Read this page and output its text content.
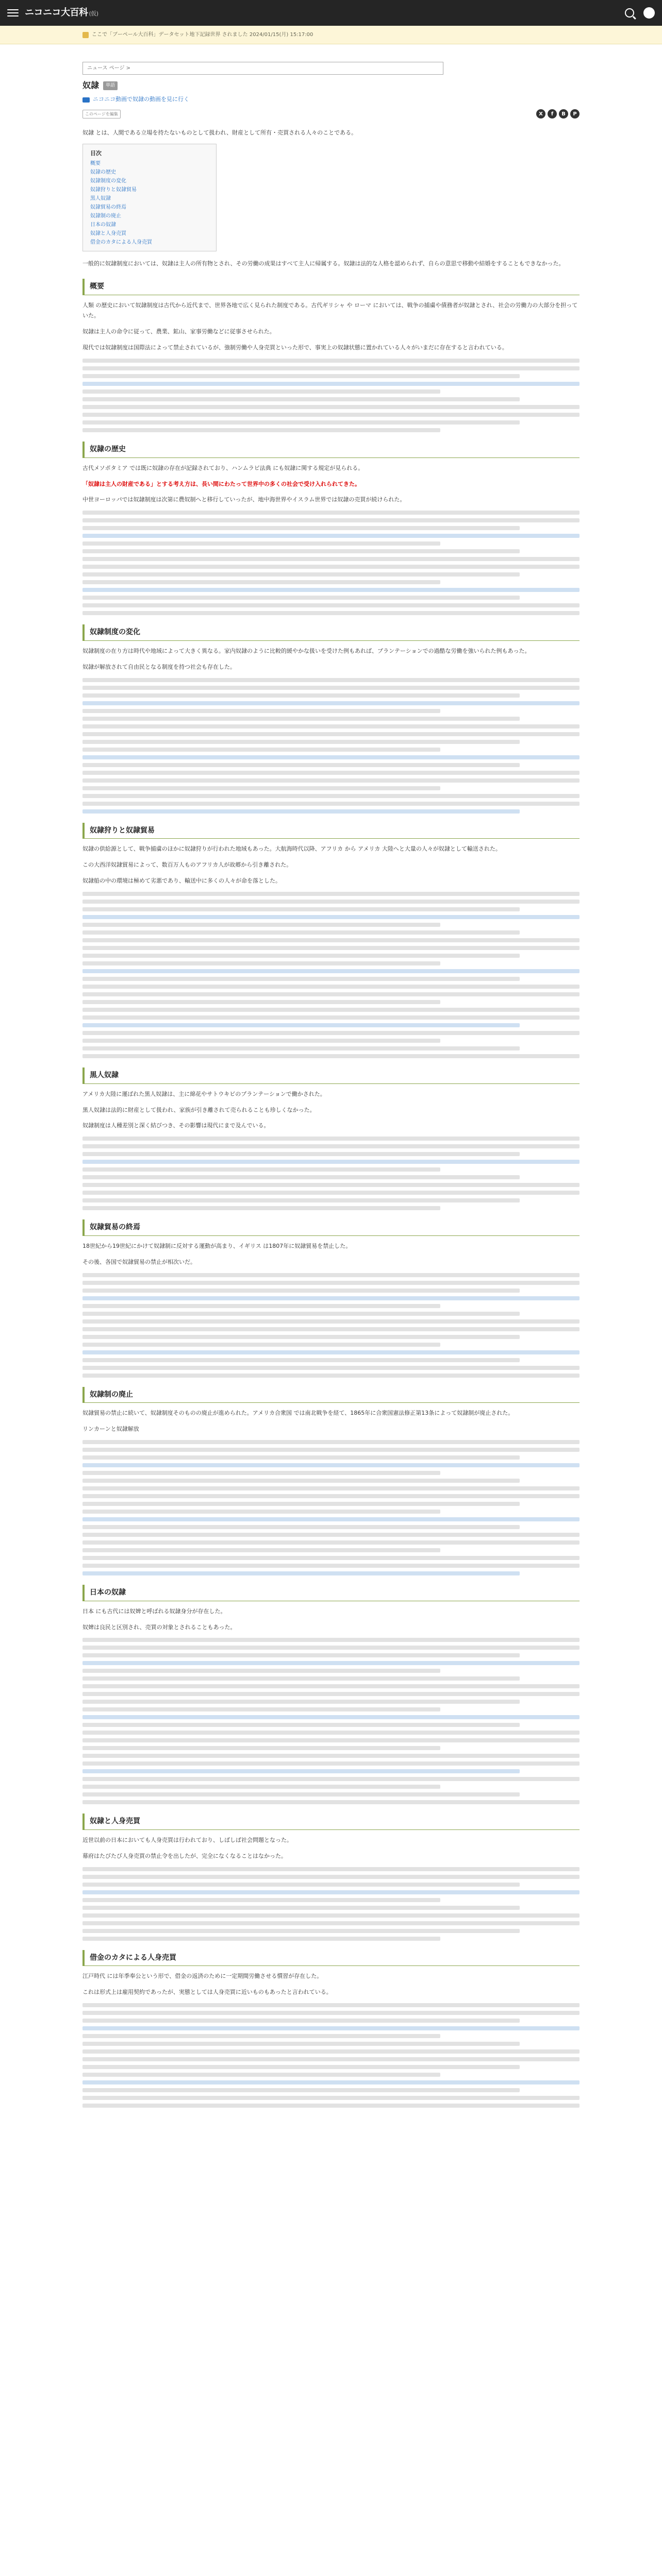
ニコニコ大百科 (仮)
ここで「ブーペール大百科」データセット地下記録世界 されました 2024/01/15(月) 15:17:00
ニュース ページ >
奴隷	単語
ニコニコ動画で奴隷の動画を見に行く
このページを編集	X	f	B	P

奴隷 とは、人間である立場を持たないものとして扱われ、財産として所有・売買される人々のことである。

目次
概要
奴隷の歴史
奴隷制度の変化
奴隷狩りと奴隷貿易
黒人奴隷
奴隷貿易の終焉
奴隷制の廃止
日本の奴隷
奴隷と人身売買
借金のカタによる人身売買

一般的に奴隷制度においては、奴隷は主人の所有物とされ、その労働の成果はすべて主人に帰属する。奴隷は法的な人格を認められず、自らの意思で移動や結婚をすることもできなかった。

概要

人類 の歴史において奴隷制度は古代から近代まで、世界各地で広く見られた制度である。古代ギリシャ や ローマ においては、戦争の捕虜や債務者が奴隷とされ、社会の労働力の大部分を担っていた。

奴隷は主人の命令に従って、農業、鉱山、家事労働などに従事させられた。

現代では奴隷制度は国際法によって禁止されているが、強制労働や人身売買といった形で、事実上の奴隷状態に置かれている人々がいまだに存在すると言われている。

奴隷の歴史

古代メソポタミア では既に奴隷の存在が記録されており、ハンムラビ法典 にも奴隷に関する規定が見られる。

「奴隷は主人の財産である」とする考え方は、長い間にわたって世界中の多くの社会で受け入れられてきた。

中世ヨーロッパでは奴隷制度は次第に農奴制へと移行していったが、地中海世界やイスラム世界では奴隷の売買が続けられた。

奴隷制度の変化

奴隷制度の在り方は時代や地域によって大きく異なる。家内奴隷のように比較的緩やかな扱いを受けた例もあれば、プランテーションでの過酷な労働を強いられた例もあった。

奴隷が解放されて自由民となる制度を持つ社会も存在した。

奴隷狩りと奴隷貿易

奴隷の供給源として、戦争捕虜のほかに奴隷狩りが行われた地域もあった。大航海時代以降、アフリカ から アメリカ 大陸へと大量の人々が奴隷として輸送された。

この大西洋奴隷貿易によって、数百万人ものアフリカ人が故郷から引き離された。

奴隷船の中の環境は極めて劣悪であり、輸送中に多くの人々が命を落とした。

黒人奴隷

アメリカ大陸に運ばれた黒人奴隷は、主に綿花やサトウキビのプランテーションで働かされた。

黒人奴隷は法的に財産として扱われ、家族が引き離されて売られることも珍しくなかった。

奴隷制度は人種差別と深く結びつき、その影響は現代にまで及んでいる。

奴隷貿易の終焉

18世紀から19世紀にかけて奴隷制に反対する運動が高まり、イギリス は1807年に奴隷貿易を禁止した。

その後、各国で奴隷貿易の禁止が相次いだ。

奴隷制の廃止

奴隷貿易の禁止に続いて、奴隷制度そのものの廃止が進められた。アメリカ合衆国 では南北戦争を経て、1865年に合衆国憲法修正第13条によって奴隷制が廃止された。

リンカーンと奴隷解放

日本の奴隷

日本 にも古代には奴婢と呼ばれる奴隷身分が存在した。

奴婢は良民と区別され、売買の対象とされることもあった。

奴隷と人身売買

近世以前の日本においても人身売買は行われており、しばしば社会問題となった。

幕府はたびたび人身売買の禁止令を出したが、完全になくなることはなかった。

借金のカタによる人身売買

江戸時代 には年季奉公という形で、借金の返済のために一定期間労働させる慣習が存在した。

これは形式上は雇用契約であったが、実態としては人身売買に近いものもあったと言われている。
